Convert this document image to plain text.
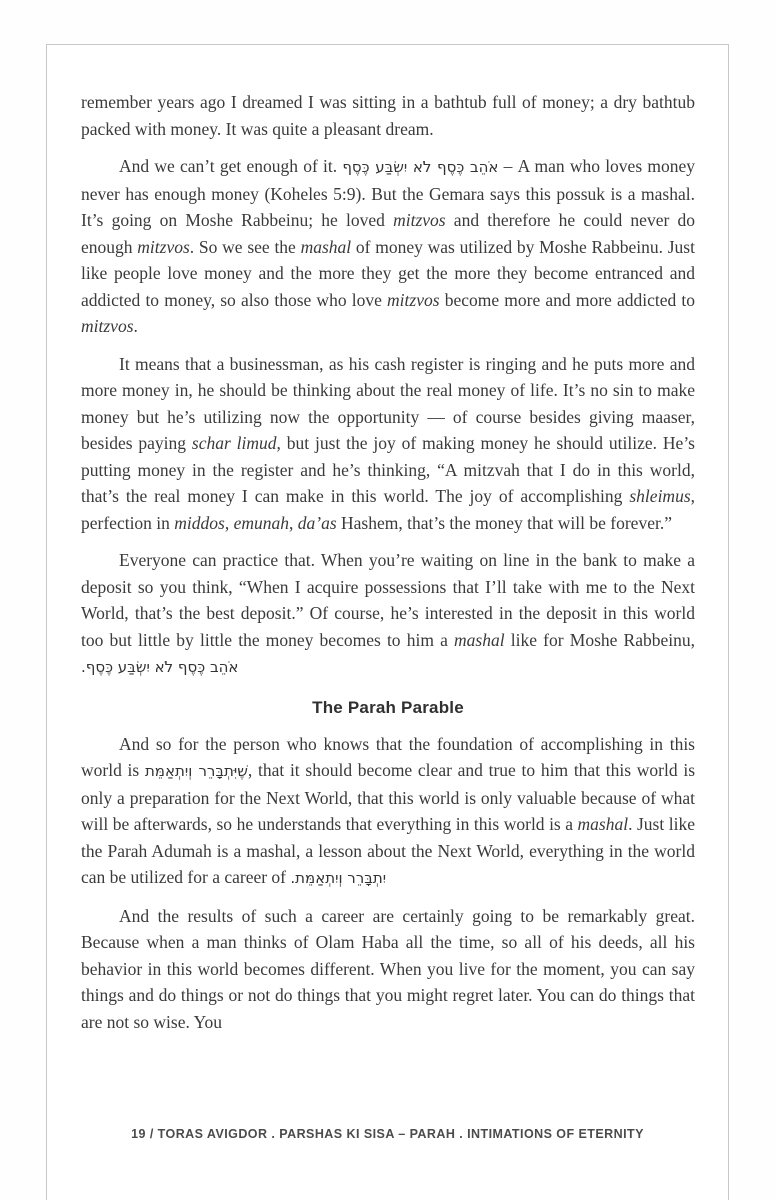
remember years ago I dreamed I was sitting in a bathtub full of money; a dry bathtub packed with money. It was quite a pleasant dream.

And we can’t get enough of it. אֹהֵב כֶּסֶף לֹא יִשְׂבַּע כֶּסֶף – A man who loves money never has enough money (Koheles 5:9). But the Gemara says this possuk is a mashal. It’s going on Moshe Rabbeinu; he loved mitzvos and therefore he could never do enough mitzvos. So we see the mashal of money was utilized by Moshe Rabbeinu. Just like people love money and the more they get the more they become entranced and addicted to money, so also those who love mitzvos become more and more addicted to mitzvos.

It means that a businessman, as his cash register is ringing and he puts more and more money in, he should be thinking about the real money of life. It’s no sin to make money but he’s utilizing now the opportunity — of course besides giving maaser, besides paying schar limud, but just the joy of making money he should utilize. He’s putting money in the register and he’s thinking, “A mitzvah that I do in this world, that’s the real money I can make in this world. The joy of accomplishing shleimus, perfection in middos, emunah, da’as Hashem, that’s the money that will be forever.”

Everyone can practice that. When you’re waiting on line in the bank to make a deposit so you think, “When I acquire possessions that I’ll take with me to the Next World, that’s the best deposit.” Of course, he’s interested in the deposit in this world too but little by little the money becomes to him a mashal like for Moshe Rabbeinu, אֹהֵב כֶּסֶף לֹא יִשְׂבַּע כֶּסֶף.

The Parah Parable

And so for the person who knows that the foundation of accomplishing in this world is שֶׁיִּתְבָּרֵר וְיִתְאַמֵּת, that it should become clear and true to him that this world is only a preparation for the Next World, that this world is only valuable because of what will be afterwards, so he understands that everything in this world is a mashal. Just like the Parah Adumah is a mashal, a lesson about the Next World, everything in the world can be utilized for a career of יִתְבָּרֵר וְיִתְאַמֵּת.

And the results of such a career are certainly going to be remarkably great. Because when a man thinks of Olam Haba all the time, so all of his deeds, all his behavior in this world becomes different. When you live for the moment, you can say things and do things or not do things that you might regret later. You can do things that are not so wise. You

19 / TORAS AVIGDOR . PARSHAS KI SISA – PARAH . INTIMATIONS OF ETERNITY
